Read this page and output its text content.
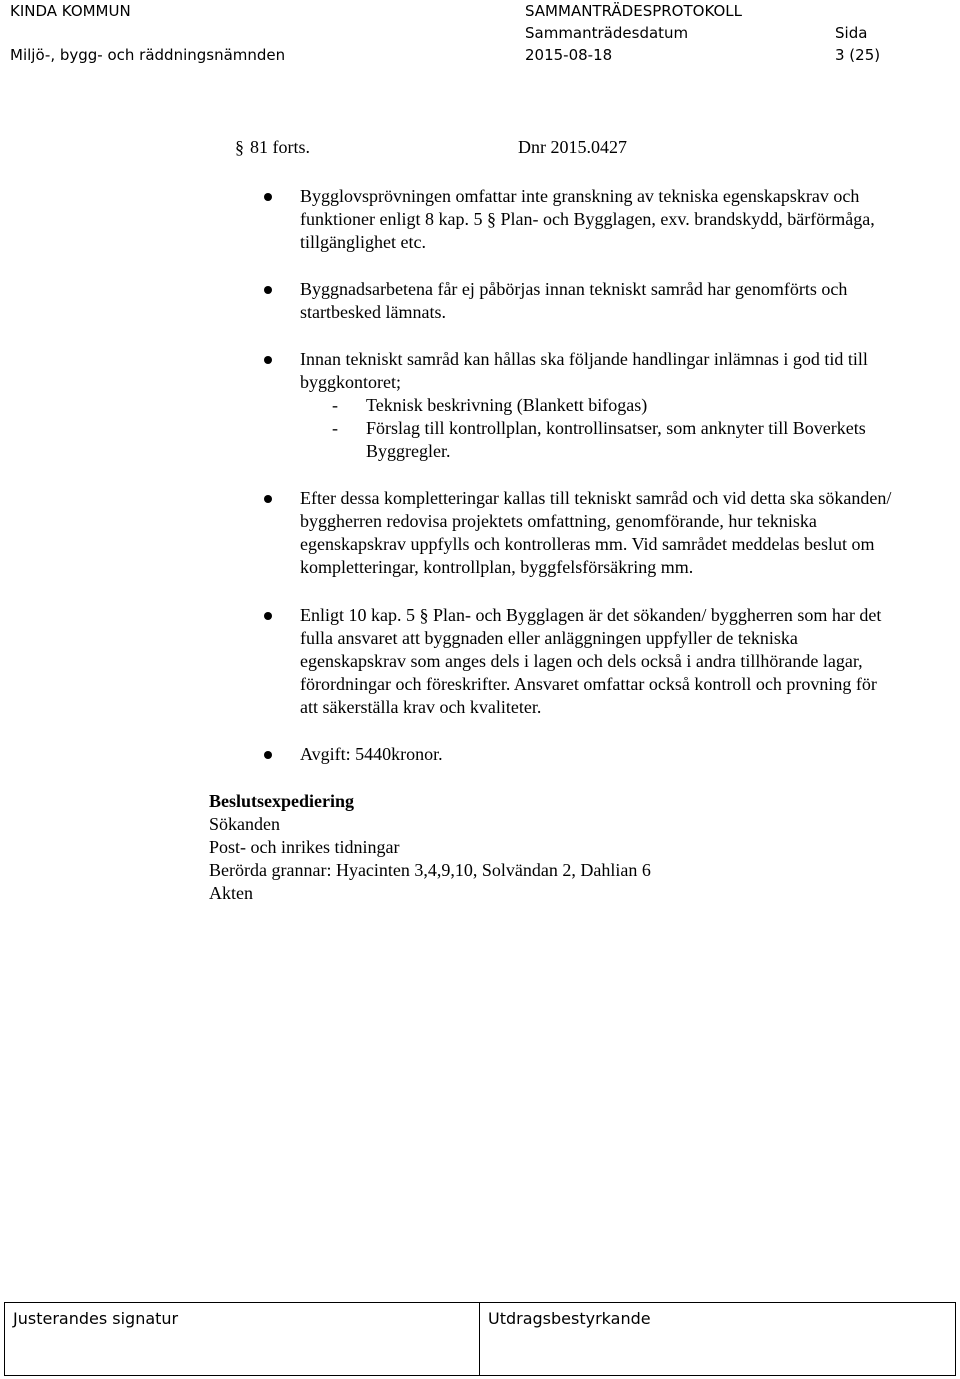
KINDA KOMMUN
Miljö-, bygg- och räddningsnämnden
SAMMANTRÄDESPROTOKOLL
Sammanträdesdatum
2015-08-18
Sida
3 (25)
§ 81 forts.	Dnr 2015.0427
Bygglovsprövningen omfattar inte granskning av tekniska egenskapskrav och
funktioner enligt 8 kap. 5 § Plan- och Bygglagen, exv. brandskydd, bärförmåga,
tillgänglighet etc.
Byggnadsarbetena får ej påbörjas innan tekniskt samråd har genomförts och
startbesked lämnats.
Innan tekniskt samråd kan hållas ska följande handlingar inlämnas i god tid till
byggkontoret;
- Teknisk beskrivning (Blankett bifogas)
- Förslag till kontrollplan, kontrollinsatser, som anknyter till Boverkets
Byggregler.
Efter dessa kompletteringar kallas till tekniskt samråd och vid detta ska sökanden/
byggherren redovisa projektets omfattning, genomförande, hur tekniska
egenskapskrav uppfylls och kontrolleras mm. Vid samrådet meddelas beslut om
kompletteringar, kontrollplan, byggfelsförsäkring mm.
Enligt 10 kap. 5 § Plan- och Bygglagen är det sökanden/ byggherren som har det
fulla ansvaret att byggnaden eller anläggningen uppfyller de tekniska
egenskapskrav som anges dels i lagen och dels också i andra tillhörande lagar,
förordningar och föreskrifter. Ansvaret omfattar också kontroll och provning för
att säkerställa krav och kvaliteter.
Avgift: 5440kronor.
Beslutsexpediering
Sökanden
Post- och inrikes tidningar
Berörda grannar: Hyacinten 3,4,9,10, Solvändan 2, Dahlian 6
Akten
Justerandes signatur	Utdragsbestyrkande
